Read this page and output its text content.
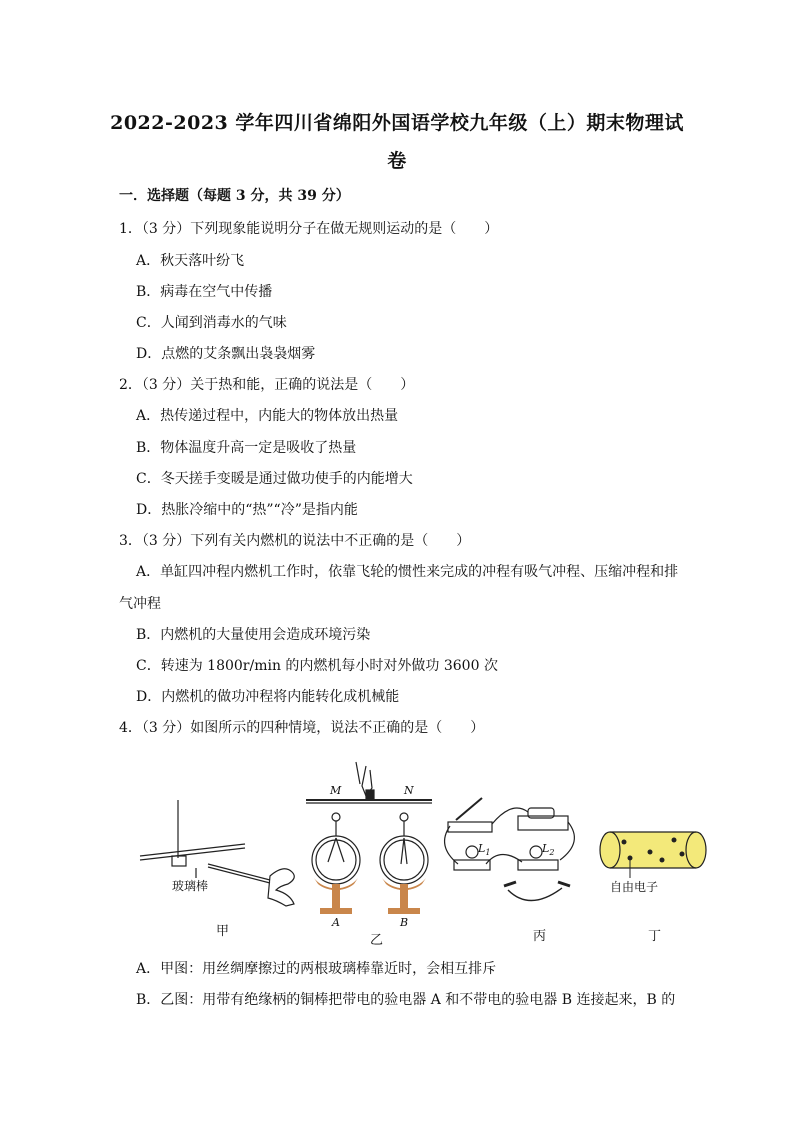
2022-2023 学年四川省绵阳外国语学校九年级（上）期末物理试卷
一．选择题（每题 3 分，共 39 分）
1．（3 分）下列现象能说明分子在做无规则运动的是（　　）
A．秋天落叶纷飞
B．病毒在空气中传播
C．人闻到消毒水的气味
D．点燃的艾条飘出袅袅烟雾
2．（3 分）关于热和能，正确的说法是（　　）
A．热传递过程中，内能大的物体放出热量
B．物体温度升高一定是吸收了热量
C．冬天搓手变暖是通过做功使手的内能增大
D．热胀冷缩中的“热”“冷”是指内能
3．（3 分）下列有关内燃机的说法中不正确的是（　　）
A．单缸四冲程内燃机工作时，依靠飞轮的惯性来完成的冲程有吸气冲程、压缩冲程和排
气冲程
B．内燃机的大量使用会造成环境污染
C．转速为 1800r/min 的内燃机每小时对外做功 3600 次
D．内燃机的做功冲程将内能转化成机械能
4．（3 分）如图所示的四种情境，说法不正确的是（　　）
玻璃棒
甲
M	N
A	B
乙
$L_1$	$L_2$
丙
自由电子
丁
A．甲图：用丝绸摩擦过的两根玻璃棒靠近时，会相互排斥
B．乙图：用带有绝缘柄的铜棒把带电的验电器 A 和不带电的验电器 B 连接起来，B 的
